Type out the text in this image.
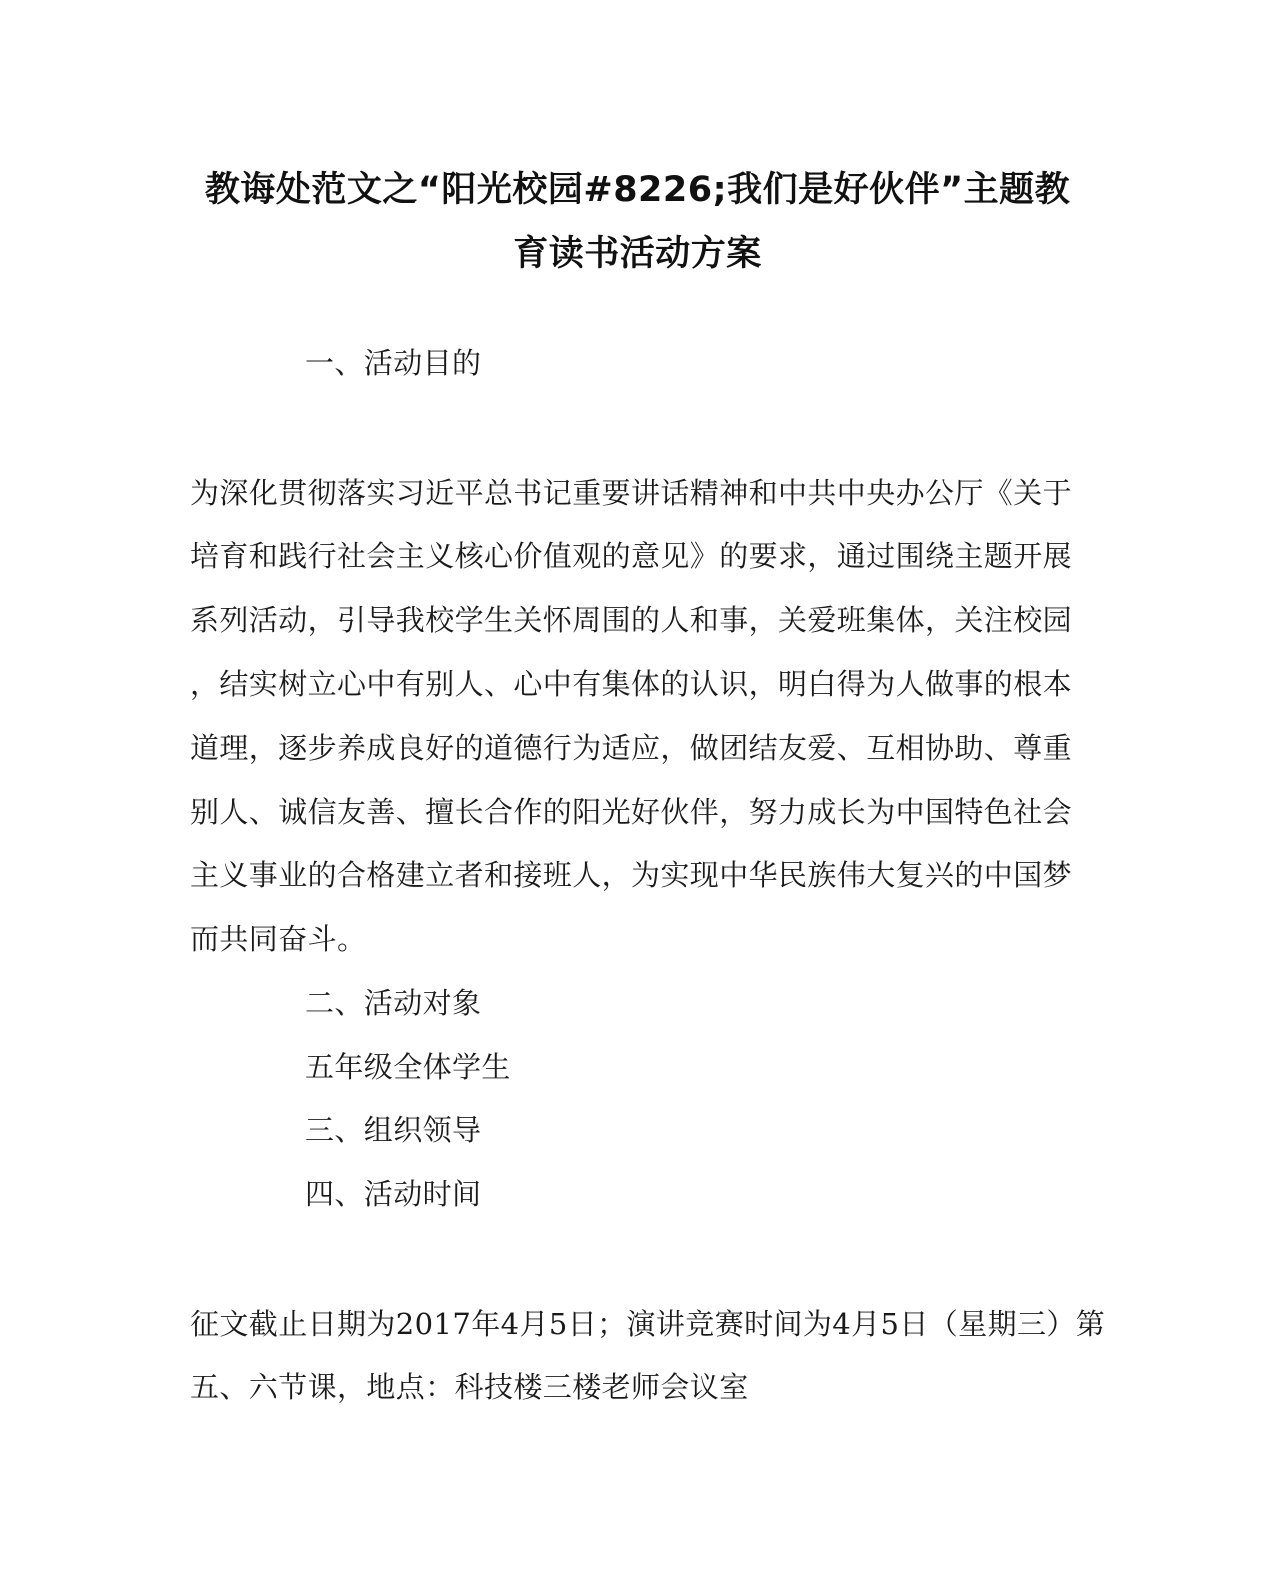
教诲处范文之“阳光校园#8226;我们是好伙伴”主题教
育读书活动方案
一、活动目的
为深化贯彻落实习近平总书记重要讲话精神和中共中央办公厅《关于
培育和践行社会主义核心价值观的意见》的要求，通过围绕主题开展
系列活动，引导我校学生关怀周围的人和事，关爱班集体，关注校园
，结实树立心中有别人、心中有集体的认识，明白得为人做事的根本
道理，逐步养成良好的道德行为适应，做团结友爱、互相协助、尊重
别人、诚信友善、擅长合作的阳光好伙伴，努力成长为中国特色社会
主义事业的合格建立者和接班人，为实现中华民族伟大复兴的中国梦
而共同奋斗。
二、活动对象
五年级全体学生
三、组织领导
四、活动时间
征文截止日期为2017年4月5日；演讲竞赛时间为4月5日（星期三）第
五、六节课，地点：科技楼三楼老师会议室
